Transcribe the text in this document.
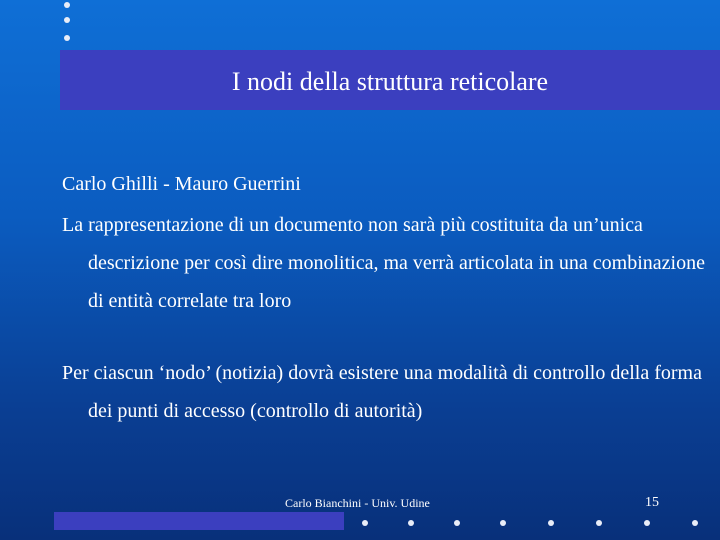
I nodi della struttura reticolare
Carlo Ghilli - Mauro Guerrini
La rappresentazione di un documento non sarà più costituita da un’unica descrizione per così dire monolitica, ma verrà articolata in una combinazione di entità correlate tra loro
Per ciascun ‘nodo’ (notizia) dovrà esistere una modalità di controllo della forma dei punti di accesso (controllo di autorità)
Carlo Bianchini - Univ. Udine	15
